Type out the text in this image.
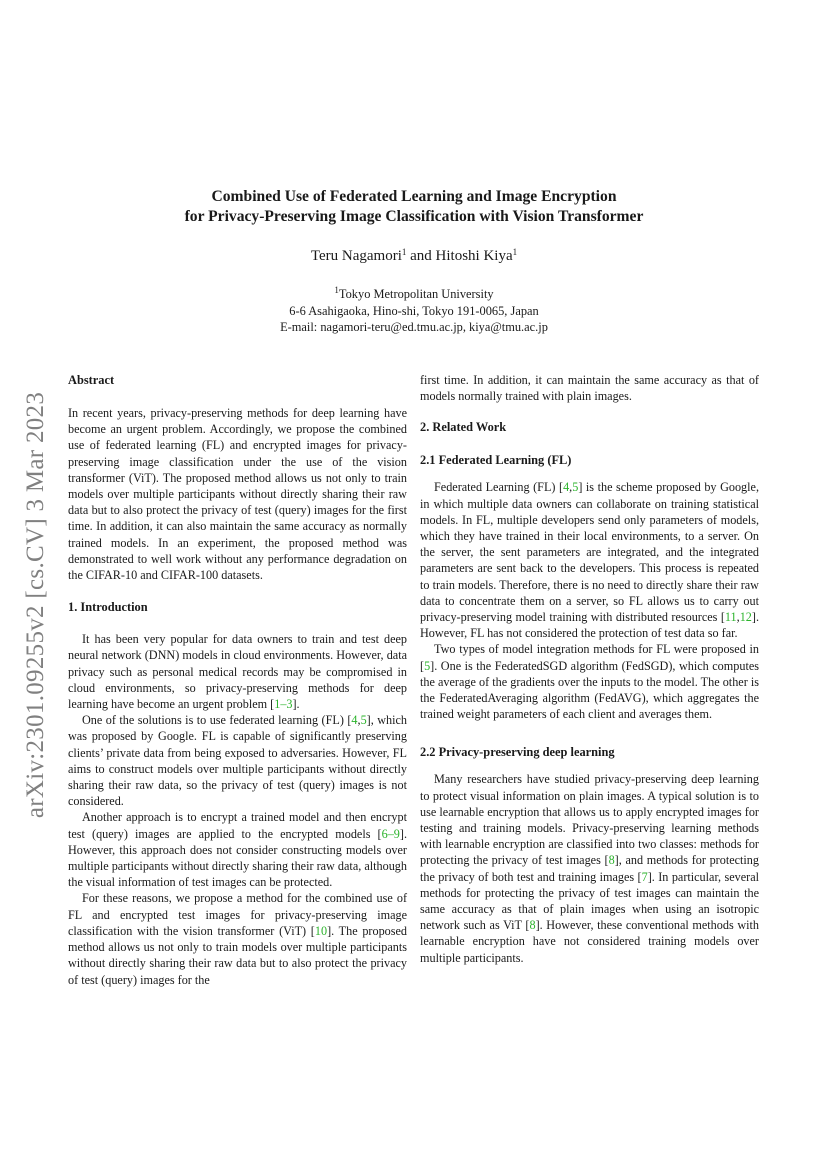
arXiv:2301.09255v2 [cs.CV] 3 Mar 2023
Combined Use of Federated Learning and Image Encryption
for Privacy-Preserving Image Classification with Vision Transformer
Teru Nagamori$^1$ and Hitoshi Kiya$^1$
$^1$Tokyo Metropolitan University
6-6 Asahigaoka, Hino-shi, Tokyo 191-0065, Japan
E-mail: nagamori-teru@ed.tmu.ac.jp, kiya@tmu.ac.jp
Abstract

In recent years, privacy-preserving methods for deep learning have become an urgent problem. Accordingly, we propose the combined use of federated learning (FL) and encrypted images for privacy-preserving image classification under the use of the vision transformer (ViT). The proposed method allows us not only to train models over multiple participants without directly sharing their raw data but to also protect the privacy of test (query) images for the first time. In addition, it can also maintain the same accuracy as normally trained models. In an experiment, the proposed method was demonstrated to well work without any performance degradation on the CIFAR-10 and CIFAR-100 datasets.

1. Introduction

It has been very popular for data owners to train and test deep neural network (DNN) models in cloud environments. However, data privacy such as personal medical records may be compromised in cloud environments, so privacy-preserving methods for deep learning have become an urgent problem [1–3].

One of the solutions is to use federated learning (FL) [4,5], which was proposed by Google. FL is capable of significantly preserving clients’ private data from being exposed to adversaries. However, FL aims to construct models over multiple participants without directly sharing their raw data, so the privacy of test (query) images is not considered.

Another approach is to encrypt a trained model and then encrypt test (query) images are applied to the encrypted models [6–9]. However, this approach does not consider constructing models over multiple participants without directly sharing their raw data, although the visual information of test images can be protected.

For these reasons, we propose a method for the combined use of FL and encrypted test images for privacy-preserving image classification with the vision transformer (ViT) [10]. The proposed method allows us not only to train models over multiple participants without directly sharing their raw data but to also protect the privacy of test (query) images for the

first time. In addition, it can maintain the same accuracy as that of models normally trained with plain images.

2. Related Work
2.1 Federated Learning (FL)

Federated Learning (FL) [4,5] is the scheme proposed by Google, in which multiple data owners can collaborate on training statistical models. In FL, multiple developers send only parameters of models, which they have trained in their local environments, to a server. On the server, the sent parameters are integrated, and the integrated parameters are sent back to the developers. This process is repeated to train models. Therefore, there is no need to directly share their raw data to concentrate them on a server, so FL allows us to carry out privacy-preserving model training with distributed resources [11,12]. However, FL has not considered the protection of test data so far.

Two types of model integration methods for FL were proposed in [5]. One is the FederatedSGD algorithm (FedSGD), which computes the average of the gradients over the inputs to the model. The other is the FederatedAveraging algorithm (FedAVG), which aggregates the trained weight parameters of each client and averages them.

2.2 Privacy-preserving deep learning

Many researchers have studied privacy-preserving deep learning to protect visual information on plain images. A typical solution is to use learnable encryption that allows us to apply encrypted images for testing and training models. Privacy-preserving learning methods with learnable encryption are classified into two classes: methods for protecting the privacy of test images [8], and methods for protecting the privacy of both test and training images [7]. In particular, several methods for protecting the privacy of test images can maintain the same accuracy as that of plain images when using an isotropic network such as ViT [8]. However, these conventional methods with learnable encryption have not considered training models over multiple participants.
